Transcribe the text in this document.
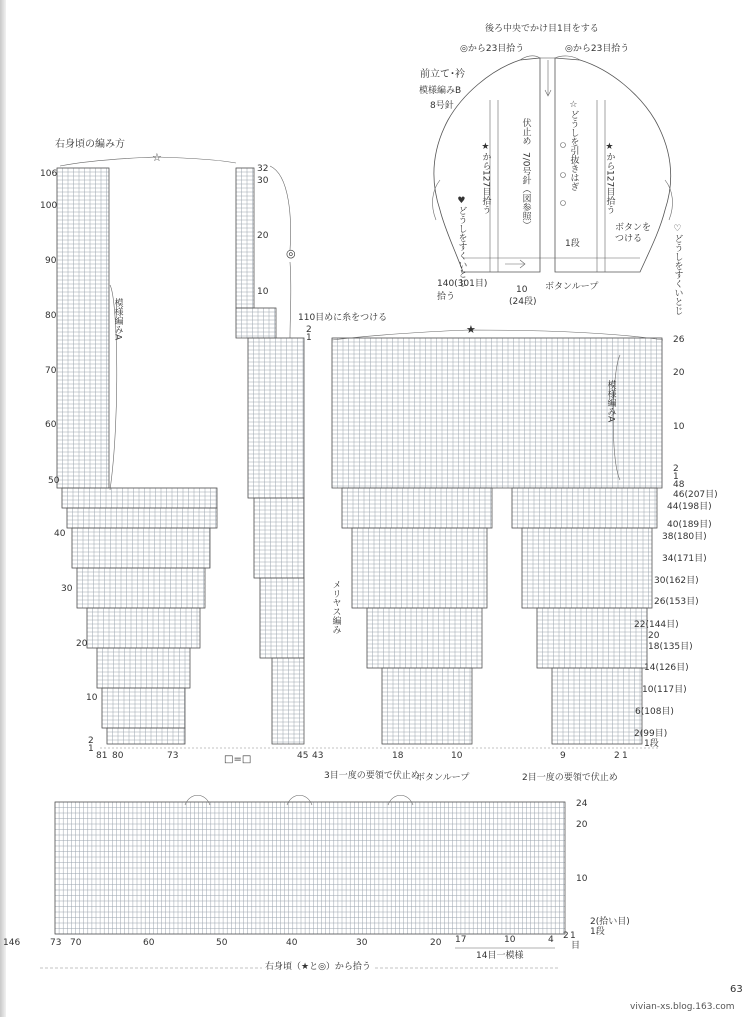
後ろ中央でかけ目1目をする
◎から23目拾う	◎から23目拾う
前立て･衿
模様編みB
8号針
伏止め
7/0号針（図参照）	☆どうしを引抜きはぎ
★から127目拾う	★から127目拾う
♥どうしをすくいとじ	♡どうしをすくいとじ
ボタンを つける
1段
140(301目)
拾う
10
(24段)
ボタンループ
右身頃の編み方
☆
★
◎
模様編みA
模様編みA
メリヤス編み
110目めに糸をつける
□=□
106
100
90
80
70
60
50
40
30
20
10
2
1
32
30
20
10
2
1	26
20
10
2
1
48
46(207目)
44(198目)
40(189目)
38(180目)
34(171目)
30(162目)
26(153目)
22(144目)
20
18(135目)
14(126目)
10(117目)
6(108目)
2(99目)
1段
81 80	73	45 43	18	10	9	2 1
3目一度の要領で伏止め
ボタンループ	2目一度の要領で伏止め
24
20
10
2(拾い目)
1段
146	73 70	60	50	40	30	20 17	10	4 2 1
目
14目一模様
右身頃（★と◎）から拾う
63
vivian-xs.blog.163.com
